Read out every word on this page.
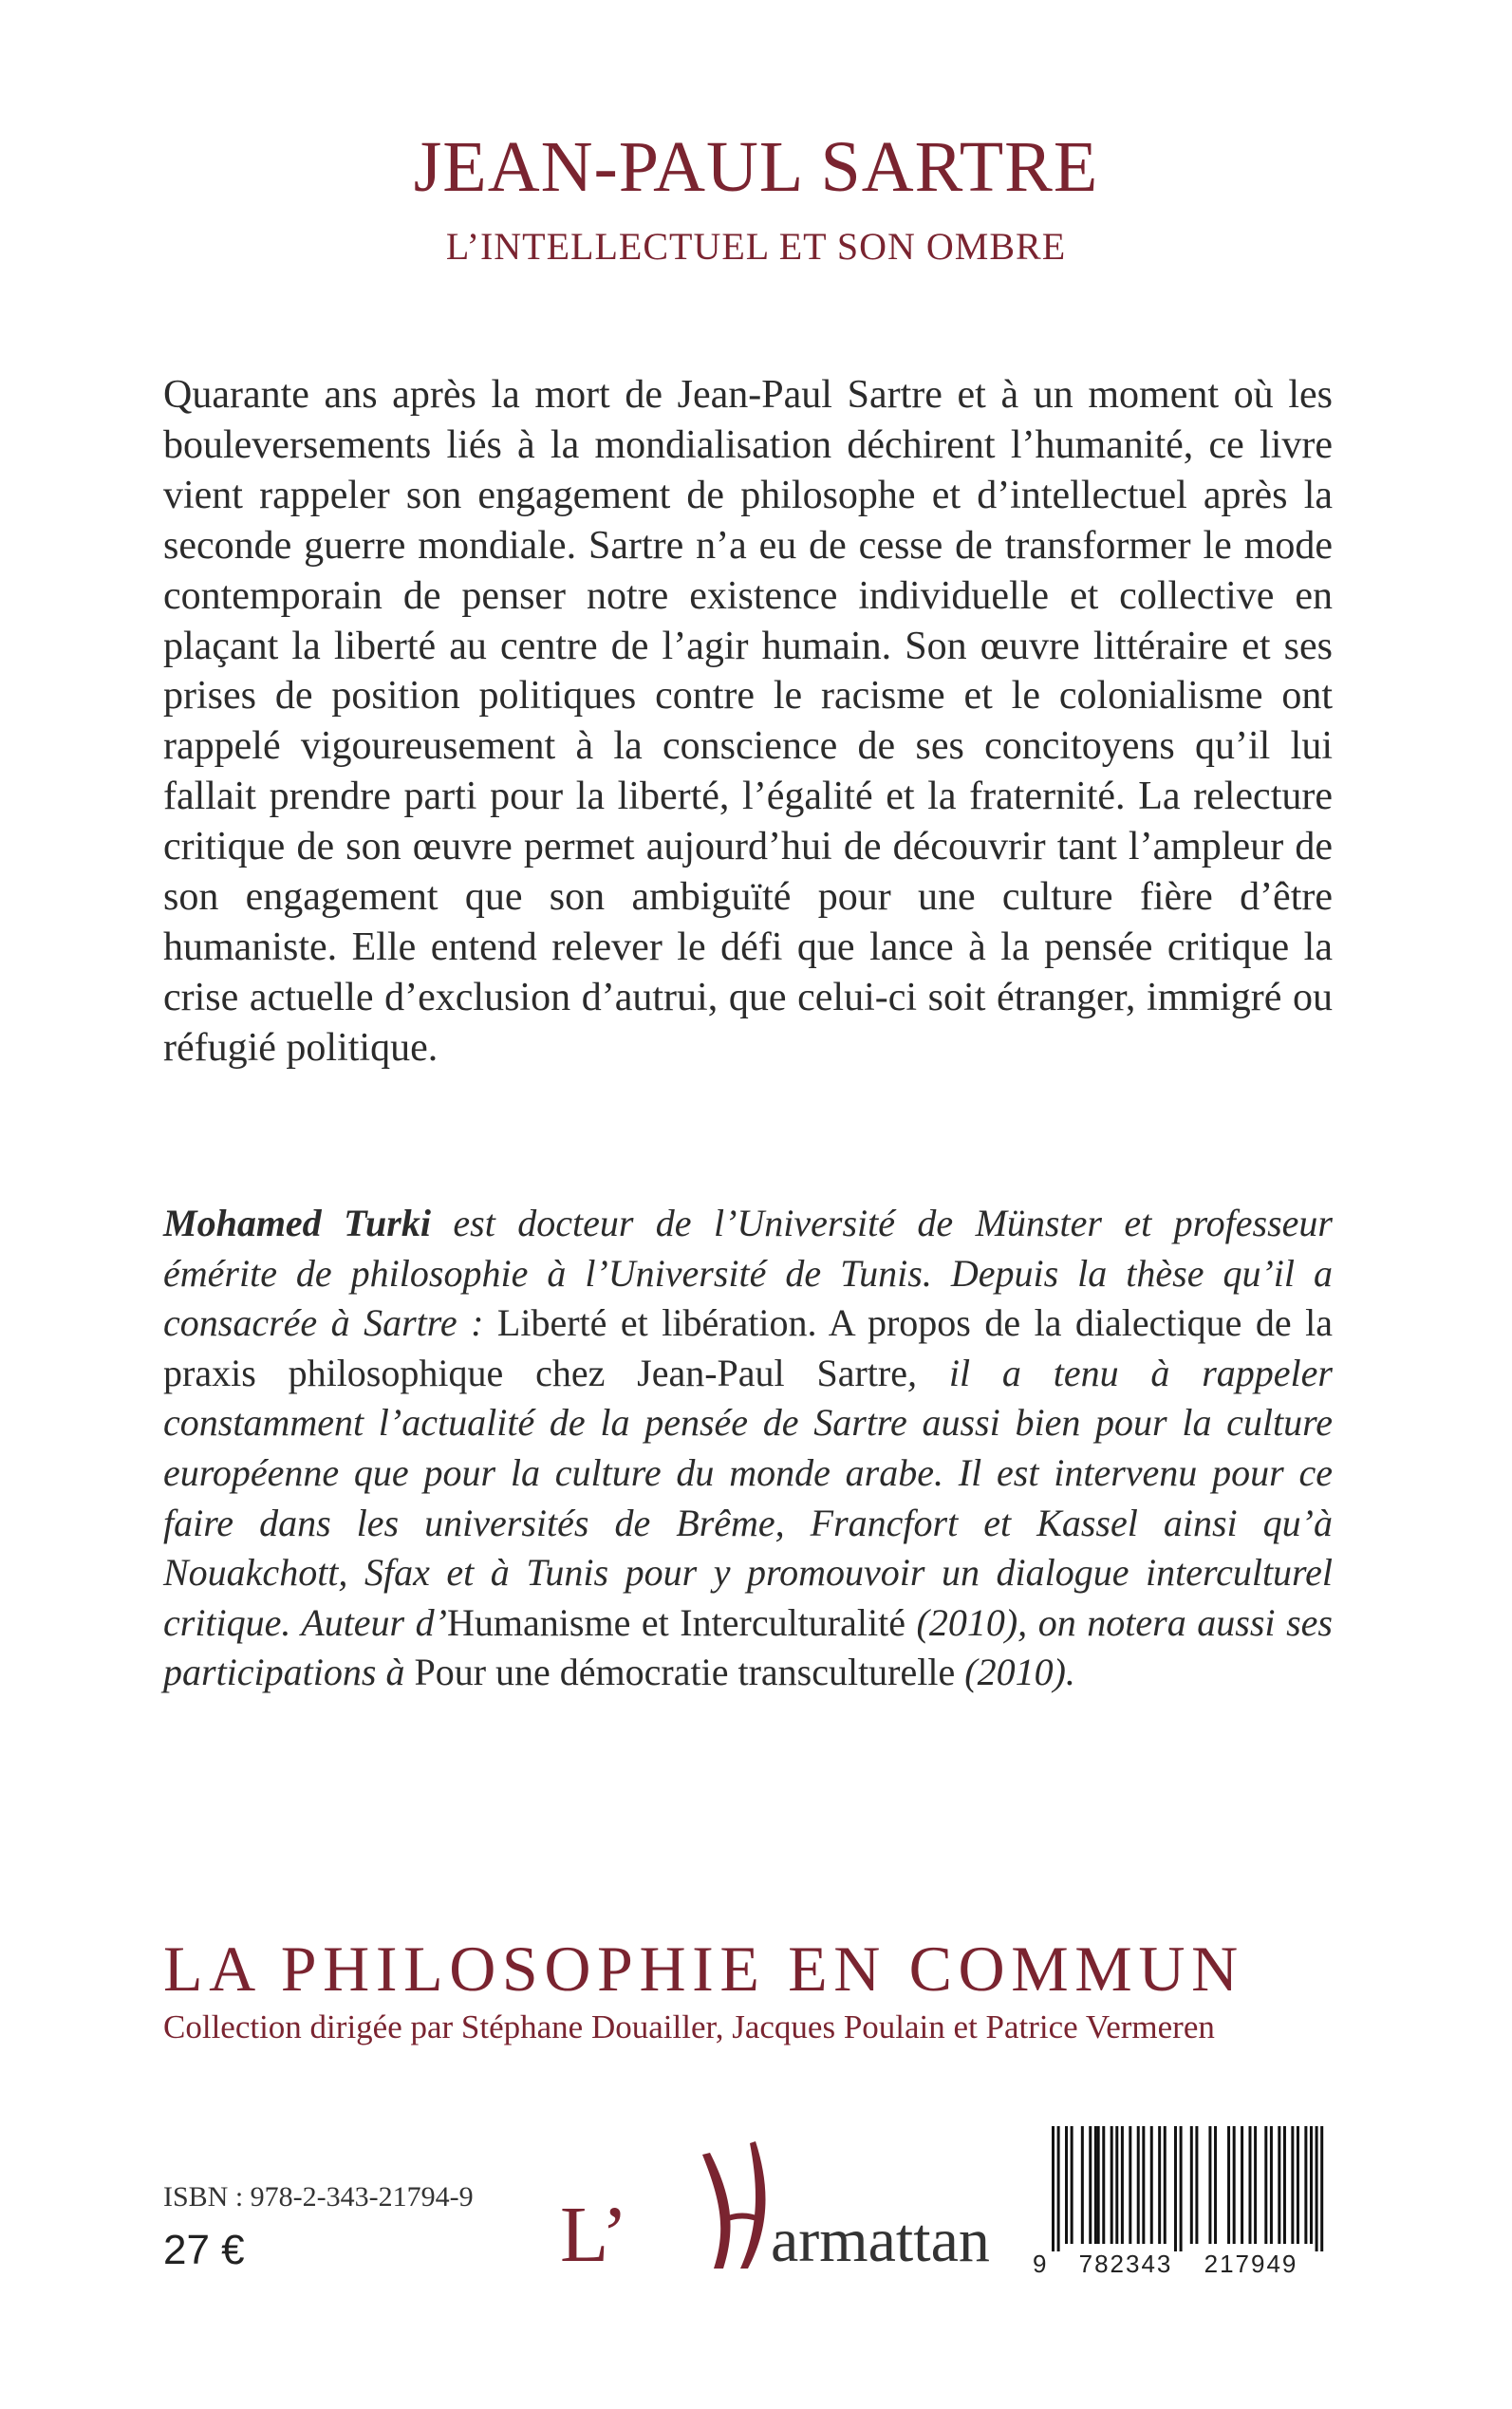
JEAN-PAUL SARTRE
L’INTELLECTUEL ET SON OMBRE

Quarante ans après la mort de Jean-Paul Sartre et à un moment où les bouleversements liés à la mondialisation déchirent l’humanité, ce livre vient rappeler son engagement de philosophe et d’intellectuel après la seconde guerre mondiale. Sartre n’a eu de cesse de transformer le mode contemporain de penser notre existence individuelle et collective en plaçant la liberté au centre de l’agir humain. Son œuvre littéraire et ses prises de position politiques contre le racisme et le colonialisme ont rappelé vigoureusement à la conscience de ses concitoyens qu’il lui fallait prendre parti pour la liberté, l’égalité et la fraternité. La relecture critique de son œuvre permet aujourd’hui de découvrir tant l’ampleur de son engagement que son ambiguïté pour une culture fière d’être humaniste. Elle entend relever le défi que lance à la pensée critique la crise actuelle d’exclusion d’autrui, que celui-ci soit étranger, immigré ou réfugié politique.

Mohamed Turki est docteur de l’Université de Münster et professeur émérite de philosophie à l’Université de Tunis. Depuis la thèse qu’il a consacrée à Sartre : Liberté et libération. A propos de la dialectique de la praxis philosophique chez Jean-Paul Sartre, il a tenu à rappeler constamment l’actualité de la pensée de Sartre aussi bien pour la culture européenne que pour la culture du monde arabe. Il est intervenu pour ce faire dans les universités de Brême, Francfort et Kassel ainsi qu’à Nouakchott, Sfax et à Tunis pour y promouvoir un dialogue interculturel critique. Auteur d’Humanisme et Interculturalité (2010), on notera aussi ses participations à Pour une démocratie transculturelle (2010).

LA PHILOSOPHIE EN COMMUN
Collection dirigée par Stéphane Douailler, Jacques Poulain et Patrice Vermeren
ISBN : 978-2-343-21794-9
27 €	L’ armattan 9 782343 217949
